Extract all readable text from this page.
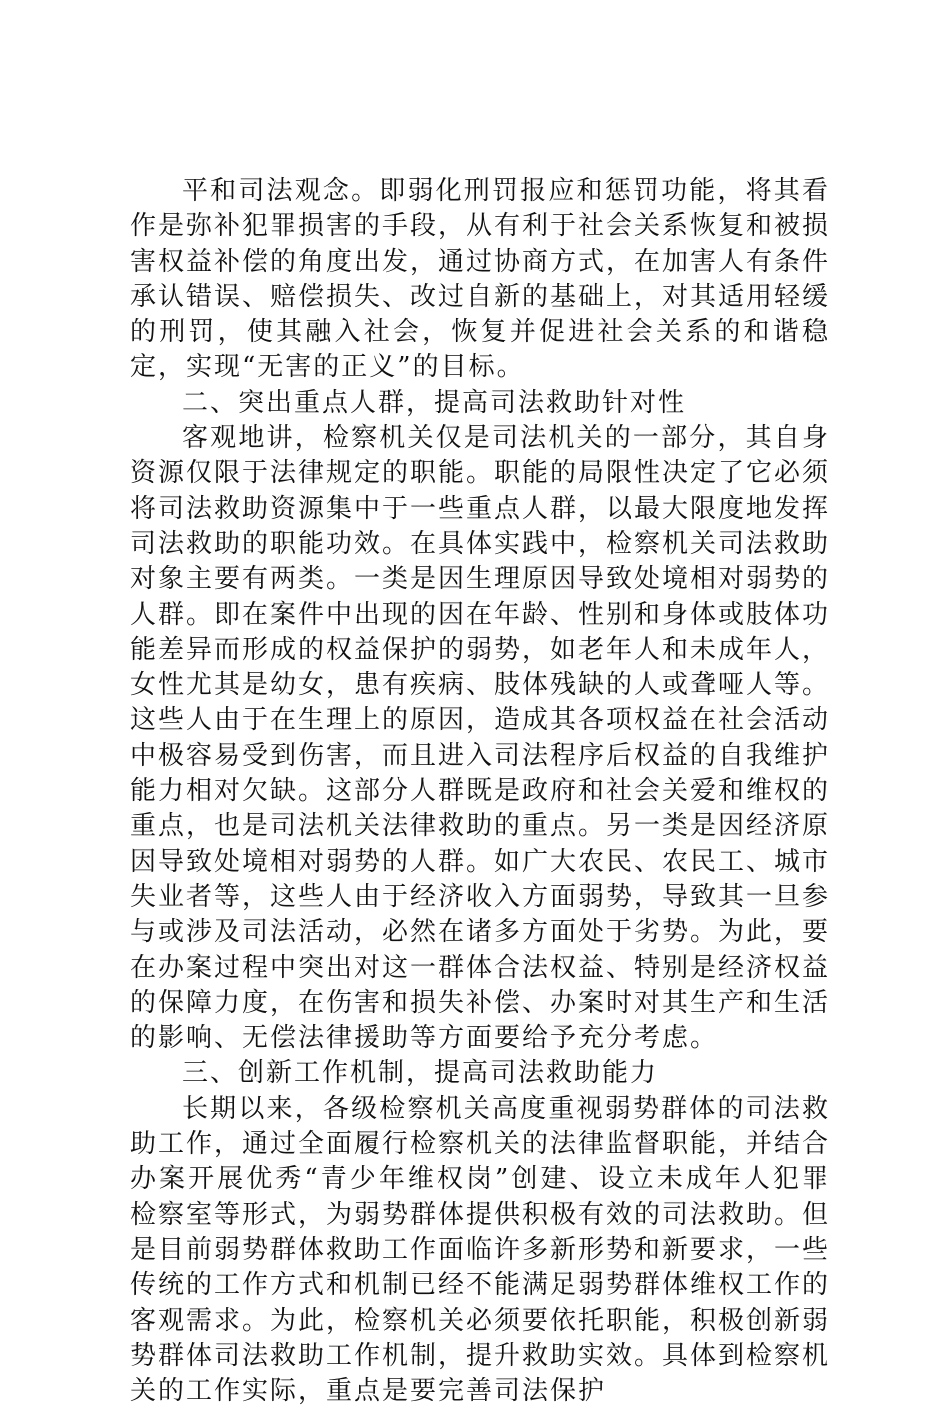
平和司法观念。即弱化刑罚报应和惩罚功能，将其看作是弥补犯罪损害的手段，从有利于社会关系恢复和被损害权益补偿的角度出发，通过协商方式，在加害人有条件承认错误、赔偿损失、改过自新的基础上，对其适用轻缓的刑罚，使其融入社会，恢复并促进社会关系的和谐稳定，实现“无害的正义”的目标。

二、突出重点人群，提高司法救助针对性

客观地讲，检察机关仅是司法机关的一部分，其自身资源仅限于法律规定的职能。职能的局限性决定了它必须将司法救助资源集中于一些重点人群，以最大限度地发挥司法救助的职能功效。在具体实践中，检察机关司法救助对象主要有两类。一类是因生理原因导致处境相对弱势的人群。即在案件中出现的因在年龄、性别和身体或肢体功能差异而形成的权益保护的弱势，如老年人和未成年人，女性尤其是幼女，患有疾病、肢体残缺的人或聋哑人等。这些人由于在生理上的原因，造成其各项权益在社会活动中极容易受到伤害，而且进入司法程序后权益的自我维护能力相对欠缺。这部分人群既是政府和社会关爱和维权的重点，也是司法机关法律救助的重点。另一类是因经济原因导致处境相对弱势的人群。如广大农民、农民工、城市失业者等，这些人由于经济收入方面弱势，导致其一旦参与或涉及司法活动，必然在诸多方面处于劣势。为此，要在办案过程中突出对这一群体合法权益、特别是经济权益的保障力度，在伤害和损失补偿、办案时对其生产和生活的影响、无偿法律援助等方面要给予充分考虑。

三、创新工作机制，提高司法救助能力

长期以来，各级检察机关高度重视弱势群体的司法救助工作，通过全面履行检察机关的法律监督职能，并结合办案开展优秀“青少年维权岗”创建、设立未成年人犯罪检察室等形式，为弱势群体提供积极有效的司法救助。但是目前弱势群体救助工作面临许多新形势和新要求，一些传统的工作方式和机制已经不能满足弱势群体维权工作的客观需求。为此，检察机关必须要依托职能，积极创新弱势群体司法救助工作机制，提升救助实效。具体到检察机关的工作实际，重点是要完善司法保护
